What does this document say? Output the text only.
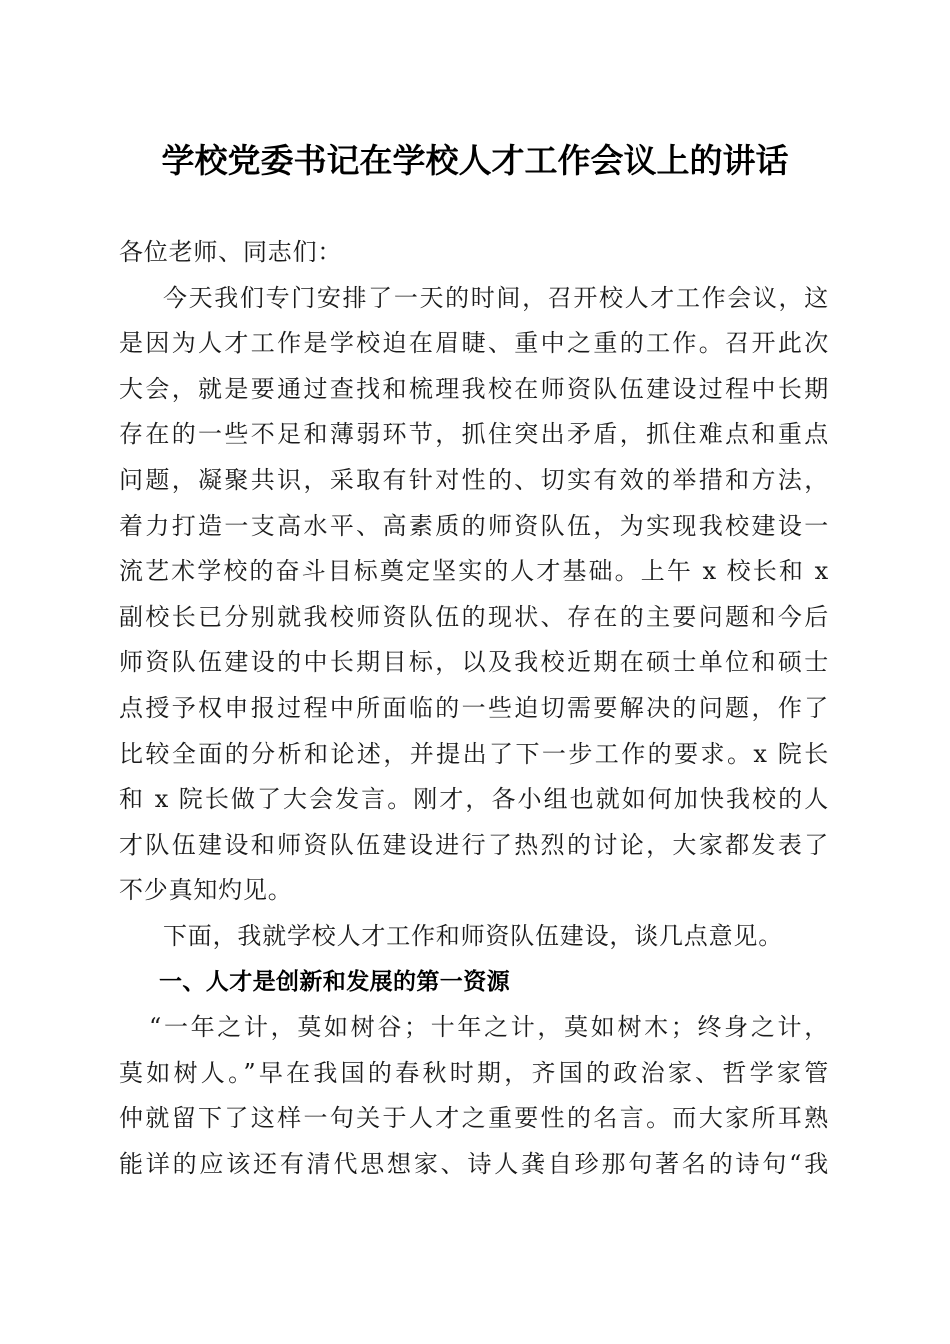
学校党委书记在学校人才工作会议上的讲话
各位老师、同志们：
今天我们专门安排了一天的时间，召开校人才工作会议，这
是因为人才工作是学校迫在眉睫、重中之重的工作。召开此次
大会，就是要通过查找和梳理我校在师资队伍建设过程中长期
存在的一些不足和薄弱环节，抓住突出矛盾，抓住难点和重点
问题，凝聚共识，采取有针对性的、切实有效的举措和方法，
着力打造一支高水平、高素质的师资队伍，为实现我校建设一
流艺术学校的奋斗目标奠定坚实的人才基础。上午 x 校长和 x
副校长已分别就我校师资队伍的现状、存在的主要问题和今后
师资队伍建设的中长期目标，以及我校近期在硕士单位和硕士
点授予权申报过程中所面临的一些迫切需要解决的问题，作了
比较全面的分析和论述，并提出了下一步工作的要求。x 院长
和 x 院长做了大会发言。刚才，各小组也就如何加快我校的人
才队伍建设和师资队伍建设进行了热烈的讨论，大家都发表了
不少真知灼见。
下面，我就学校人才工作和师资队伍建设，谈几点意见。
一、人才是创新和发展的第一资源
“一年之计，莫如树谷；十年之计，莫如树木；终身之计，
莫如树人。”早在我国的春秋时期，齐国的政治家、哲学家管
仲就留下了这样一句关于人才之重要性的名言。而大家所耳熟
能详的应该还有清代思想家、诗人龚自珍那句著名的诗句“我
